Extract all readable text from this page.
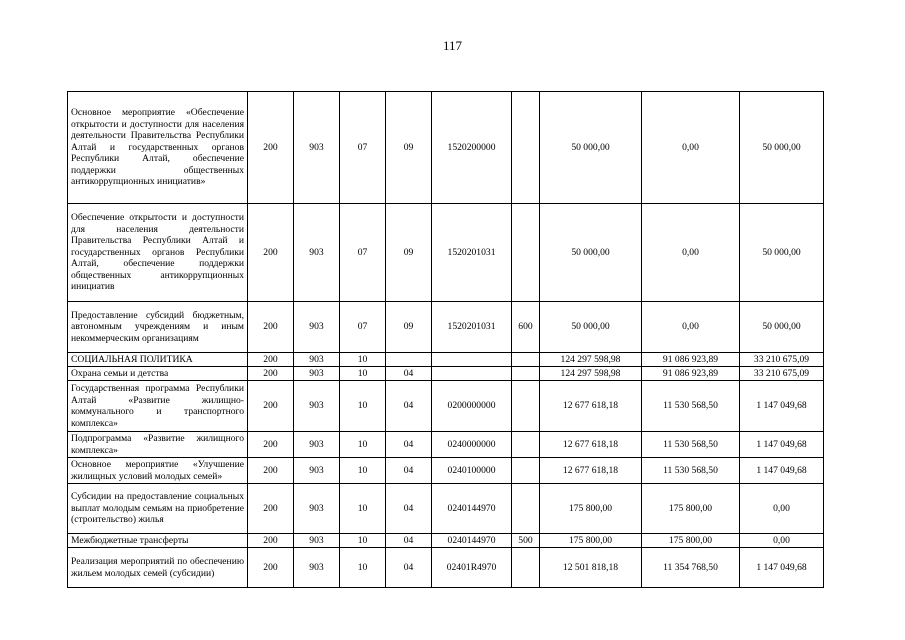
117
Основное мероприятие «Обеспечение открытости и доступности для населения деятельности Правительства Республики Алтай и государственных органов Республики Алтай, обеспечение поддержки общественных антикоррупционных инициатив»	200	903	07	09	1520200000		50 000,00	0,00	50 000,00
Обеспечение открытости и доступности для населения деятельности Правительства Республики Алтай и государственных органов Республики Алтай, обеспечение поддержки общественных антикоррупционных инициатив	200	903	07	09	1520201031		50 000,00	0,00	50 000,00
Предоставление субсидий бюджетным, автономным учреждениям и иным некоммерческим организациям	200	903	07	09	1520201031	600	50 000,00	0,00	50 000,00
СОЦИАЛЬНАЯ ПОЛИТИКА	200	903	10				124 297 598,98	91 086 923,89	33 210 675,09
Охрана семьи и детства	200	903	10	04			124 297 598,98	91 086 923,89	33 210 675,09
Государственная программа Республики Алтай «Развитие жилищно-коммунального и транспортного комплекса»	200	903	10	04	0200000000		12 677 618,18	11 530 568,50	1 147 049,68
Подпрограмма «Развитие жилищного комплекса»	200	903	10	04	0240000000		12 677 618,18	11 530 568,50	1 147 049,68
Основное мероприятие «Улучшение жилищных условий молодых семей»	200	903	10	04	0240100000		12 677 618,18	11 530 568,50	1 147 049,68
Субсидии на предоставление социальных выплат молодым семьям на приобретение (строительство) жилья	200	903	10	04	0240144970		175 800,00	175 800,00	0,00
Межбюджетные трансферты	200	903	10	04	0240144970	500	175 800,00	175 800,00	0,00
Реализация мероприятий по обеспечению жильем молодых семей (субсидии)	200	903	10	04	02401R4970		12 501 818,18	11 354 768,50	1 147 049,68
